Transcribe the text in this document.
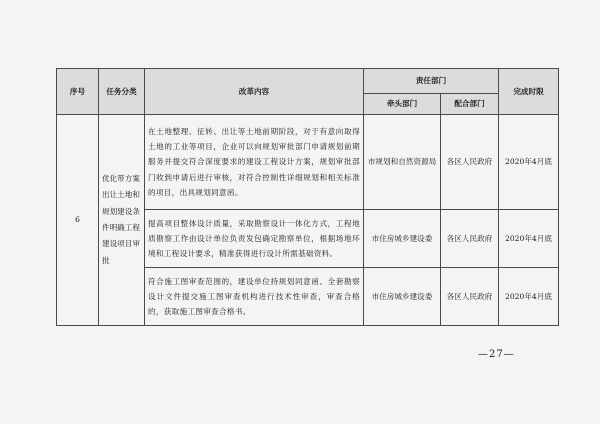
序号	任务分类	改革内容	责任部门		完成时限
			牵头部门	配合部门	
6	优化带方案出让土地和规划建设条件明确工程建设项目审批	在土地整理、征转、出让等土地前期阶段，对于有意向取得土地的工业等项目，企业可以向规划审批部门申请规划前期服务并提交符合深度要求的建设工程设计方案，规划审批部门收到申请后进行审核，对符合控制性详细规划和相关标准的项目，出具规划同意函。	市规划和自然资源局	各区人民政府	2020年4月底
		提高项目整体设计质量，采取勘察设计一体化方式，工程地质勘察工作由设计单位负责发包确定勘察单位，根据场地环境和工程设计要求，精准获得进行设计所需基础资料。	市住房城乡建设委	各区人民政府	2020年4月底
		符合施工图审查范围的，建设单位持规划同意函、全套勘察设计文件提交施工图审查机构进行技术性审查，审查合格的，获取施工图审查合格书。	市住房城乡建设委	各区人民政府	2020年4月底
—27—
